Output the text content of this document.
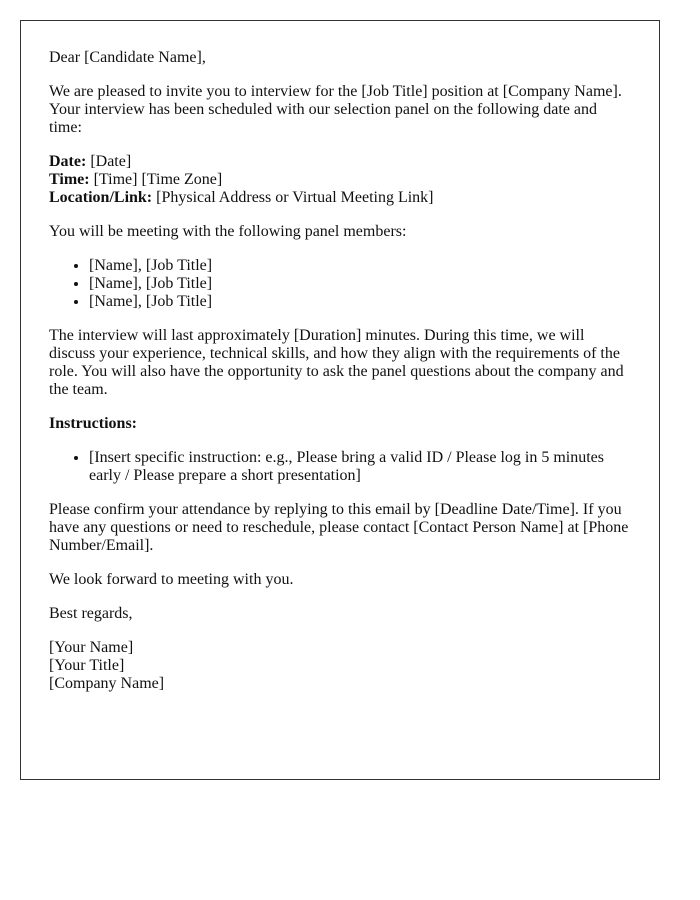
Dear [Candidate Name],

We are pleased to invite you to interview for the [Job Title] position at [Company Name]. Your interview has been scheduled with our selection panel on the following date and time:

Date: [Date]
Time: [Time] [Time Zone]
Location/Link: [Physical Address or Virtual Meeting Link]

You will be meeting with the following panel members:

• [Name], [Job Title]
• [Name], [Job Title]
• [Name], [Job Title]

The interview will last approximately [Duration] minutes. During this time, we will discuss your experience, technical skills, and how they align with the requirements of the role. You will also have the opportunity to ask the panel questions about the company and the team.

Instructions:

• [Insert specific instruction: e.g., Please bring a valid ID / Please log in 5 minutes early / Please prepare a short presentation]

Please confirm your attendance by replying to this email by [Deadline Date/Time]. If you have any questions or need to reschedule, please contact [Contact Person Name] at [Phone Number/Email].

We look forward to meeting with you.

Best regards,

[Your Name]
[Your Title]
[Company Name]
